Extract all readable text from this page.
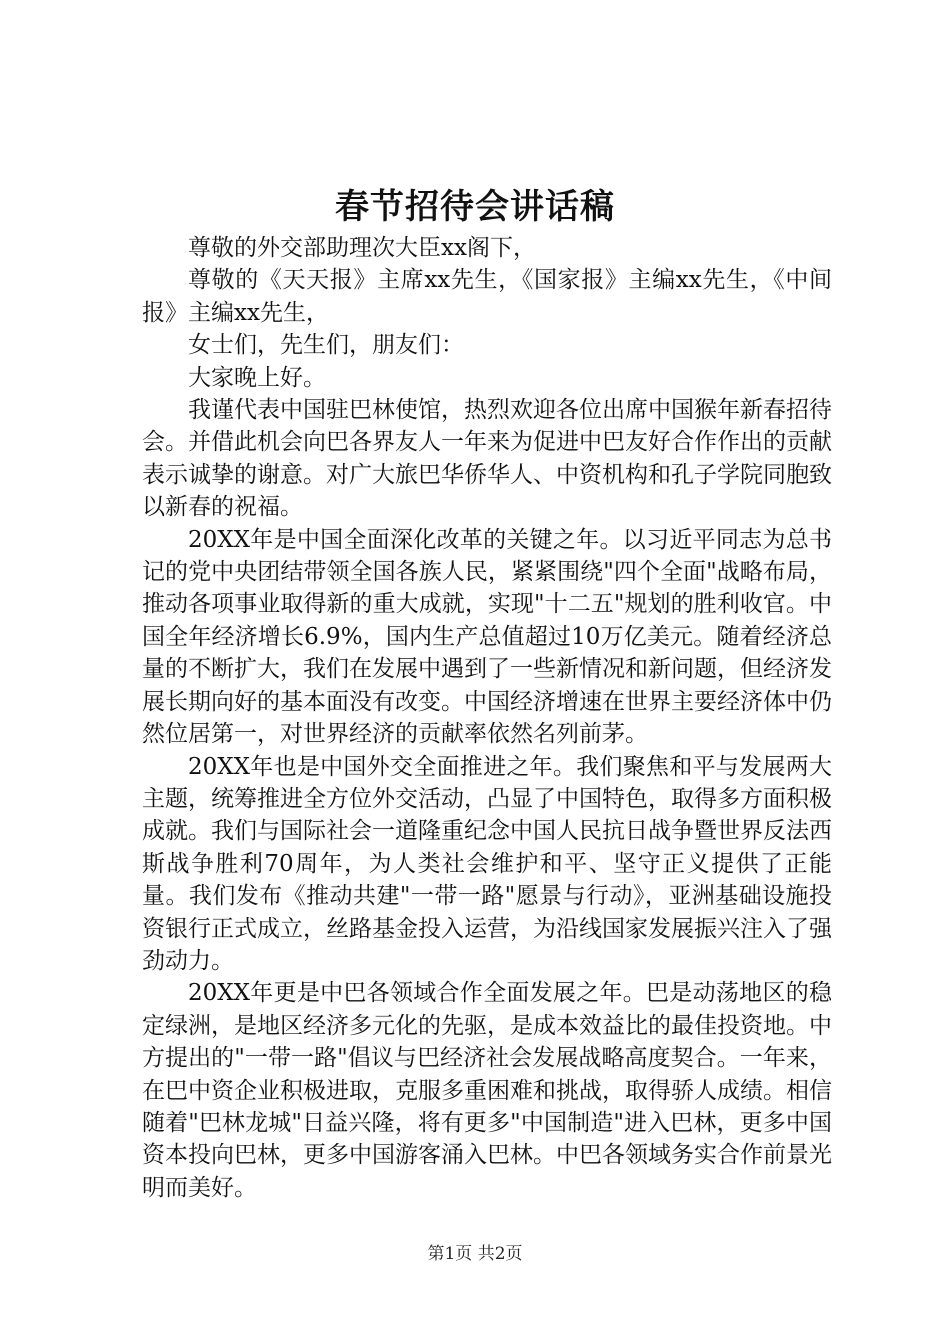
春节招待会讲话稿

尊敬的外交部助理次大臣xx阁下，

尊敬的《天天报》主席xx先生，《国家报》主编xx先生，《中间报》主编xx先生，

女士们，先生们，朋友们：

大家晚上好。

我谨代表中国驻巴林使馆，热烈欢迎各位出席中国猴年新春招待会。并借此机会向巴各界友人一年来为促进中巴友好合作作出的贡献表示诚挚的谢意。对广大旅巴华侨华人、中资机构和孔子学院同胞致以新春的祝福。

20XX年是中国全面深化改革的关键之年。以习近平同志为总书记的党中央团结带领全国各族人民，紧紧围绕"四个全面"战略布局，推动各项事业取得新的重大成就，实现"十二五"规划的胜利收官。中国全年经济增长6.9%，国内生产总值超过10万亿美元。随着经济总量的不断扩大，我们在发展中遇到了一些新情况和新问题，但经济发展长期向好的基本面没有改变。中国经济增速在世界主要经济体中仍然位居第一，对世界经济的贡献率依然名列前茅。

20XX年也是中国外交全面推进之年。我们聚焦和平与发展两大主题，统筹推进全方位外交活动，凸显了中国特色，取得多方面积极成就。我们与国际社会一道隆重纪念中国人民抗日战争暨世界反法西斯战争胜利70周年，为人类社会维护和平、坚守正义提供了正能量。我们发布《推动共建"一带一路"愿景与行动》，亚洲基础设施投资银行正式成立，丝路基金投入运营，为沿线国家发展振兴注入了强劲动力。

20XX年更是中巴各领域合作全面发展之年。巴是动荡地区的稳定绿洲，是地区经济多元化的先驱，是成本效益比的最佳投资地。中方提出的"一带一路"倡议与巴经济社会发展战略高度契合。一年来，在巴中资企业积极进取，克服多重困难和挑战，取得骄人成绩。相信随着"巴林龙城"日益兴隆，将有更多"中国制造"进入巴林，更多中国资本投向巴林，更多中国游客涌入巴林。中巴各领域务实合作前景光明而美好。

第1页 共2页
